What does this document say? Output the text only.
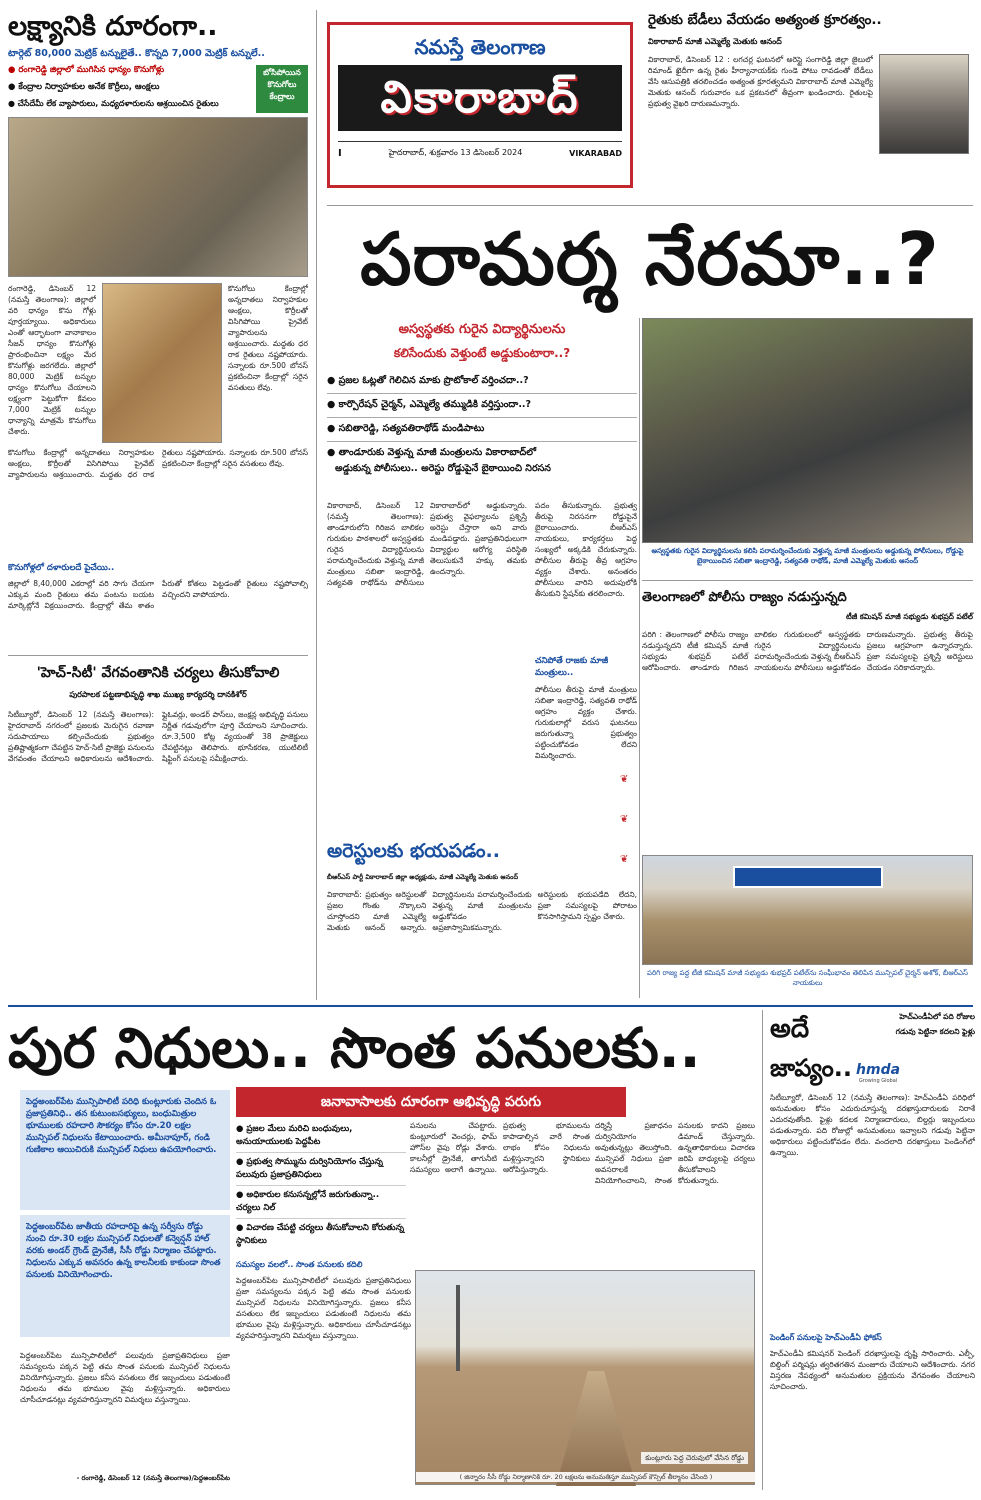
లక్ష్యానికి దూరంగా..
టార్గెట్ 80,000 మెట్రిక్ టన్నులైతే.. కొన్నది 7,000 మెట్రిక్ టన్నులే..
● రంగారెడ్డి జిల్లాలో ముగిసిన ధాన్యం కొనుగోళ్లు
● కేంద్రాల నిర్వాహకుల అనేక కొర్రీలు, ఆంక్షలు
● చేసేదేమీ లేక వ్యాపారులు, మధ్యదళారులను ఆశ్రయించిన రైతులు
బోసిపోయిన కొనుగోలు కేంద్రాలు
రంగారెడ్డి, డిసెంబర్ 12 (నమస్తే తెలంగాణ): జిల్లాలో వరి ధాన్యం కొను గోళ్లు పూర్తయ్యాయి. అధికారులు ఎంతో ఆర్భాటంగా వానాకాలం సీజన్ ధాన్యం కొనుగోళ్లు ప్రారంభించినా లక్ష్యం మేర కొనుగోళ్లు జరగలేదు. జిల్లాలో 80,000 మెట్రిక్ టన్నుల ధాన్యం కొనుగోలు చేయాలని లక్ష్యంగా పెట్టుకోగా కేవలం 7,000 మెట్రిక్ టన్నుల ధాన్యాన్ని మాత్రమే కొనుగోలు చేశారు.
కొనుగోలు కేంద్రాల్లో అన్నదాతలు నిర్వాహకుల ఆంక్షలు, కొర్రీలతో విసిగిపోయి ప్రైవేట్ వ్యాపారులను ఆశ్రయించారు. మద్దతు ధర రాక రైతులు నష్టపోయారు. సన్నాలకు రూ.500 బోనస్ ప్రకటించినా కేంద్రాల్లో సరైన వసతులు లేవు.
కొనుగోలు కేంద్రాల్లో అన్నదాతలు నిర్వాహకుల ఆంక్షలు, కొర్రీలతో విసిగిపోయి ప్రైవేట్ వ్యాపారులను ఆశ్రయించారు. మద్దతు ధర రాక రైతులు నష్టపోయారు. సన్నాలకు రూ.500 బోనస్ ప్రకటించినా కేంద్రాల్లో సరైన వసతులు లేవు.
కొనుగోళ్లలో దళారులదే పైచేయి..
జిల్లాలో 8,40,000 ఎకరాల్లో వరి సాగు చేయగా ఎక్కువ మంది రైతులు తమ పంటను బయట మార్కెట్లోనే విక్రయించారు. కేంద్రాల్లో తేమ శాతం పేరుతో కోతలు పెట్టడంతో రైతులు నష్టపోవాల్సి వచ్చిందని వాపోయారు.
'హెచ్-సిటీ' వేగవంతానికి చర్యలు తీసుకోవాలి
పురపాలక పట్టణాభివృద్ధి శాఖ ముఖ్య కార్యదర్శి దానకిశోర్
సిటీబ్యూరో, డిసెంబర్ 12 (నమస్తే తెలంగాణ): హైదరాబాద్ నగరంలో ప్రజలకు మెరుగైన రవాణా సదుపాయాలు కల్పించేందుకు ప్రభుత్వం ప్రతిష్టాత్మకంగా చేపట్టిన హెచ్-సిటీ ప్రాజెక్టు పనులను వేగవంతం చేయాలని అధికారులను ఆదేశించారు. ఫ్లైఓవర్లు, అండర్ పాస్‌లు, జంక్షన్ల అభివృద్ధి పనులు నిర్ణీత గడువులోగా పూర్తి చేయాలని సూచించారు. రూ.3,500 కోట్ల వ్యయంతో 38 ప్రాజెక్టులు చేపట్టినట్లు తెలిపారు. భూసేకరణ, యుటిలిటీ షిఫ్టింగ్ పనులపై సమీక్షించారు.
నమస్తే తెలంగాణ
వికారాబాద్
I	హైదరాబాద్, శుక్రవారం 13 డిసెంబర్ 2024	VIKARABAD
రైతుకు బేడీలు వేయడం అత్యంత క్రూరత్వం..
వికారాబాద్ మాజీ ఎమ్మెల్యే మెతుకు ఆనంద్
వికారాబాద్, డిసెంబర్ 12 : లగచర్ల ఘటనలో అరెస్టై సంగారెడ్డి జిల్లా జైలులో రిమాండ్ ఖైదీగా ఉన్న రైతు హీర్యానాయక్‌కు గుండె పోటు రావడంతో బేడీలు వేసి ఆసుపత్రికి తరలించడం అత్యంత క్రూరత్వమని వికారాబాద్ మాజీ ఎమ్మెల్యే మెతుకు ఆనంద్ గురువారం ఒక ప్రకటనలో తీవ్రంగా ఖండించారు. రైతులపై ప్రభుత్వ వైఖరి దారుణమన్నారు.
పరామర్శ నేరమా..?
అస్వస్థతకు గురైన విద్యార్థినులను
కలిసేందుకు వెళ్తుంటే అడ్డుకుంటారా..?
● ప్రజల ఓట్లతో గెలిచిన మాకు ప్రొటోకాల్ వర్తించదా..?
● కార్పొరేషన్ చైర్మన్, ఎమ్మెల్యే తమ్ముడికి వర్తిస్తుందా..?
● సబితారెడ్డి, సత్యవతిరాథోడ్ మండిపాటు
● తాండూరుకు వెళ్తున్న మాజీ మంత్రులను వికారాబాద్‌లో
అడ్డుకున్న పోలీసులు.. అరెస్టు రోడ్డుపైనే బైఠాయించి నిరసన
అస్వస్థతకు గురైన విద్యార్థినులను కలిసి పరామర్శించేందుకు వెళ్తున్న మాజీ మంత్రులను అడ్డుకున్న పోలీసులు, రోడ్డుపై బైఠాయించిన సబితా ఇంద్రారెడ్డి, సత్యవతి రాథోడ్, మాజీ ఎమ్మెల్యే మెతుకు ఆనంద్
వికారాబాద్, డిసెంబర్ 12 (నమస్తే తెలంగాణ): తాండూరులోని గిరిజన బాలికల గురుకుల పాఠశాలలో అస్వస్థతకు గురైన విద్యార్థినులను పరామర్శించేందుకు వెళ్తున్న మాజీ మంత్రులు సబితా ఇంద్రారెడ్డి, సత్యవతి రాథోడ్‌ను పోలీసులు వికారాబాద్‌లో అడ్డుకున్నారు. ప్రభుత్వ వైఫల్యాలను ప్రశ్నిస్తే అరెస్టు చేస్తారా అని వారు మండిపడ్డారు. ప్రజాప్రతినిధులుగా విద్యార్థుల ఆరోగ్య పరిస్థితి తెలుసుకునే హక్కు తమకు ఉందన్నారు.
పదం తీసుకున్నారు. ప్రభుత్వ తీరుపై నిరసనగా రోడ్డుపైనే బైఠాయించారు. బీఆర్‌ఎస్ నాయకులు, కార్యకర్తలు పెద్ద సంఖ్యలో అక్కడికి చేరుకున్నారు. పోలీసుల తీరుపై తీవ్ర ఆగ్రహం వ్యక్తం చేశారు. అనంతరం పోలీసులు వారిని అదుపులోకి తీసుకుని స్టేషన్‌కు తరలించారు.
చనిపోతే రాజకు మాజీ మంత్రులు..
పోలీసుల తీరుపై మాజీ మంత్రులు సబితా ఇంద్రారెడ్డి, సత్యవతి రాథోడ్ ఆగ్రహం వ్యక్తం చేశారు. గురుకులాల్లో వరుస ఘటనలు జరుగుతున్నా ప్రభుత్వం పట్టించుకోవడం లేదని విమర్శించారు.
❦
❦
❦
అరెస్టులకు భయపడం..
బీఆర్‌ఎస్ పార్టీ వికారాబాద్ జిల్లా అధ్యక్షుడు, మాజీ ఎమ్మెల్యే మెతుకు ఆనంద్
వికారాబాద్: ప్రభుత్వం అరెస్టులతో ప్రజల గొంతు నొక్కాలని చూస్తోందని మాజీ ఎమ్మెల్యే మెతుకు ఆనంద్ అన్నారు. విద్యార్థినులను పరామర్శించేందుకు వెళ్తున్న మాజీ మంత్రులను అడ్డుకోవడం అప్రజాస్వామికమన్నారు. అరెస్టులకు భయపడేది లేదని, ప్రజా సమస్యలపై పోరాటం కొనసాగిస్తామని స్పష్టం చేశారు.
తెలంగాణలో పోలీసు రాజ్యం నడుస్తున్నది
టీజీ కమిషన్ మాజీ సభ్యుడు శుభప్రద్ పటేల్
పరిగి : తెలంగాణలో పోలీసు రాజ్యం నడుస్తున్నదని టీజీ కమిషన్ మాజీ సభ్యుడు శుభప్రద్ పటేల్ ఆరోపించారు. తాండూరు గిరిజన బాలికల గురుకులంలో అస్వస్థతకు గురైన విద్యార్థినులను పరామర్శించేందుకు వెళ్తున్న బీఆర్‌ఎస్ నాయకులను పోలీసులు అడ్డుకోవడం దారుణమన్నారు. ప్రభుత్వ తీరుపై ప్రజలు ఆగ్రహంగా ఉన్నారన్నారు. ప్రజా సమస్యలపై ప్రశ్నిస్తే అరెస్టులు చేయడం సరికాదన్నారు.
పరిగి రాజ్య పద్ద టీజీ కమిషన్ మాజీ సభ్యుడు శుభప్రద్ పటేల్‌ను సంఘీభావం తెలిపిన మున్సిపల్ చైర్మన్ అశోక్, బీఆర్‌ఎస్ నాయకులు
పుర నిధులు.. సొంత పనులకు..
జనావాసాలకు దూరంగా అభివృద్ధి పరుగు
పెద్దఅంబర్‌పేట మున్సిపాలిటీ పరిధి కుంట్లూరుకు చెందిన ఓ ప్రజాప్రతినిధి.. తన కుటుంబసభ్యులు, బంధుమిత్రుల భూములకు రహదారి సౌకర్యం కోసం రూ.20 లక్షల మున్సిపల్ నిధులను కేటాయించారు. అమీనాపూర్, గండి గుణికాల ఆయిచిరుకి మున్సిపల్ నిధులు ఉపయోగించారు.
పెద్దఅంబర్‌పేట జాతీయ రహదారిపై ఉన్న సర్వీసు రోడ్డు నుంచి రూ.30 లక్షల మున్సిపల్ నిధులతో కన్వెన్షన్ హాల్ వరకు అండర్ గ్రౌండ్ డ్రైనేజీ, సీసీ రోడ్డు నిర్మాణం చేపట్టారు. నిధులను ఎక్కువ అవసరం ఉన్న కాలనీలకు కాకుండా సొంత పనులకు వినియోగించారు.
పెద్దఅంబర్‌పేట మున్సిపాలిటీలో పలువురు ప్రజాప్రతినిధులు ప్రజా సమస్యలను పక్కన పెట్టి తమ సొంత పనులకు మున్సిపల్ నిధులను వినియోగిస్తున్నారు. ప్రజలు కనీస వసతులు లేక ఇబ్బందులు పడుతుంటే నిధులను తమ భూముల వైపు మళ్లిస్తున్నారు. అధికారులు చూసీచూడనట్లు వ్యవహరిస్తున్నారని విమర్శలు వస్తున్నాయి.
- రంగారెడ్డి, డిసెంబర్ 12 (నమస్తే తెలంగాణ)/పెద్దఅంబర్‌పేట
● ప్రజల మేలు మరిచి బంధువులు, అనుయాయులకు పెద్దపీట
● ప్రభుత్వ సొమ్మును దుర్వినియోగం చేస్తున్న పలువురు ప్రజాప్రతినిధులు
● అధికారుల కనుసన్నల్లోనే జరుగుతున్నా.. చర్యలు నిల్
● విచారణ చేపట్టి చర్యలు తీసుకోవాలని కోరుతున్న స్థానికులు
సమస్యల వలలో.. సొంత పనులకు కదిలి
పనులను చేపట్టారు. కుంట్లూరులో వెంచర్లు, ఫామ్ హౌస్‌ల వైపు రోడ్లు వేశారు. కాలనీల్లో డ్రైనేజీ, తాగునీటి సమస్యలు అలాగే ఉన్నాయి. ప్రభుత్వ భూములను కాపాడాల్సిన వారే సొంత లాభం కోసం నిధులను మళ్లిస్తున్నారని స్థానికులు ఆరోపిస్తున్నారు.
దర్శిస్తే ప్రజాధనం దుర్వినియోగం అవుతున్నట్లు తెలుస్తోంది. మున్సిపల్ నిధులు ప్రజా అవసరాలకే వినియోగించాలని, సొంత పనులకు కాదని ప్రజలు డిమాండ్ చేస్తున్నారు. ఉన్నతాధికారులు విచారణ జరిపి బాధ్యులపై చర్యలు తీసుకోవాలని కోరుతున్నారు.
పెద్దఅంబర్‌పేట మున్సిపాలిటీలో పలువురు ప్రజాప్రతినిధులు ప్రజా సమస్యలను పక్కన పెట్టి తమ సొంత పనులకు మున్సిపల్ నిధులను వినియోగిస్తున్నారు. ప్రజలు కనీస వసతులు లేక ఇబ్బందులు పడుతుంటే నిధులను తమ భూముల వైపు మళ్లిస్తున్నారు. అధికారులు చూసీచూడనట్లు వ్యవహరిస్తున్నారని విమర్శలు వస్తున్నాయి.
కుంట్లూరు పెద్ద చెరువులో వేసిన రోడ్డు
( జిన్నారం సీసీ రోడ్డు నిర్మాణానికి రూ. 20 లక్షలను అనుమతిస్తూ మున్సిపల్ కౌన్సిల్ తీర్మానం చేసింది )
అదే	హెచ్‌ఎండీఏలో పది రోజుల
గడువు పెట్టినా కదలని ఫైళ్లు
జాప్యం.. hmda
Growing Global
సిటీబ్యూరో, డిసెంబర్ 12 (నమస్తే తెలంగాణ): హెచ్‌ఎండీఏ పరిధిలో అనుమతుల కోసం ఎదురుచూస్తున్న దరఖాస్తుదారులకు నిరాశే ఎదురవుతోంది. ఫైళ్లు కదలక నిర్మాణదారులు, బిల్డర్లు ఇబ్బందులు పడుతున్నారు. పది రోజుల్లో అనుమతులు ఇవ్వాలని గడువు పెట్టినా అధికారులు పట్టించుకోవడం లేదు. వందలాది దరఖాస్తులు పెండింగ్‌లో ఉన్నాయి.
పెండింగ్ పనులపై హెచ్‌ఎండీఏ ఫోకస్
హెచ్‌ఎండీఏ కమిషనర్ పెండింగ్ దరఖాస్తులపై దృష్టి సారించారు. ఎల్పీ, బిల్డింగ్ పర్మిషన్లు త్వరితగతిన మంజూరు చేయాలని ఆదేశించారు. నగర విస్తరణ నేపథ్యంలో అనుమతుల ప్రక్రియను వేగవంతం చేయాలని సూచించారు.
